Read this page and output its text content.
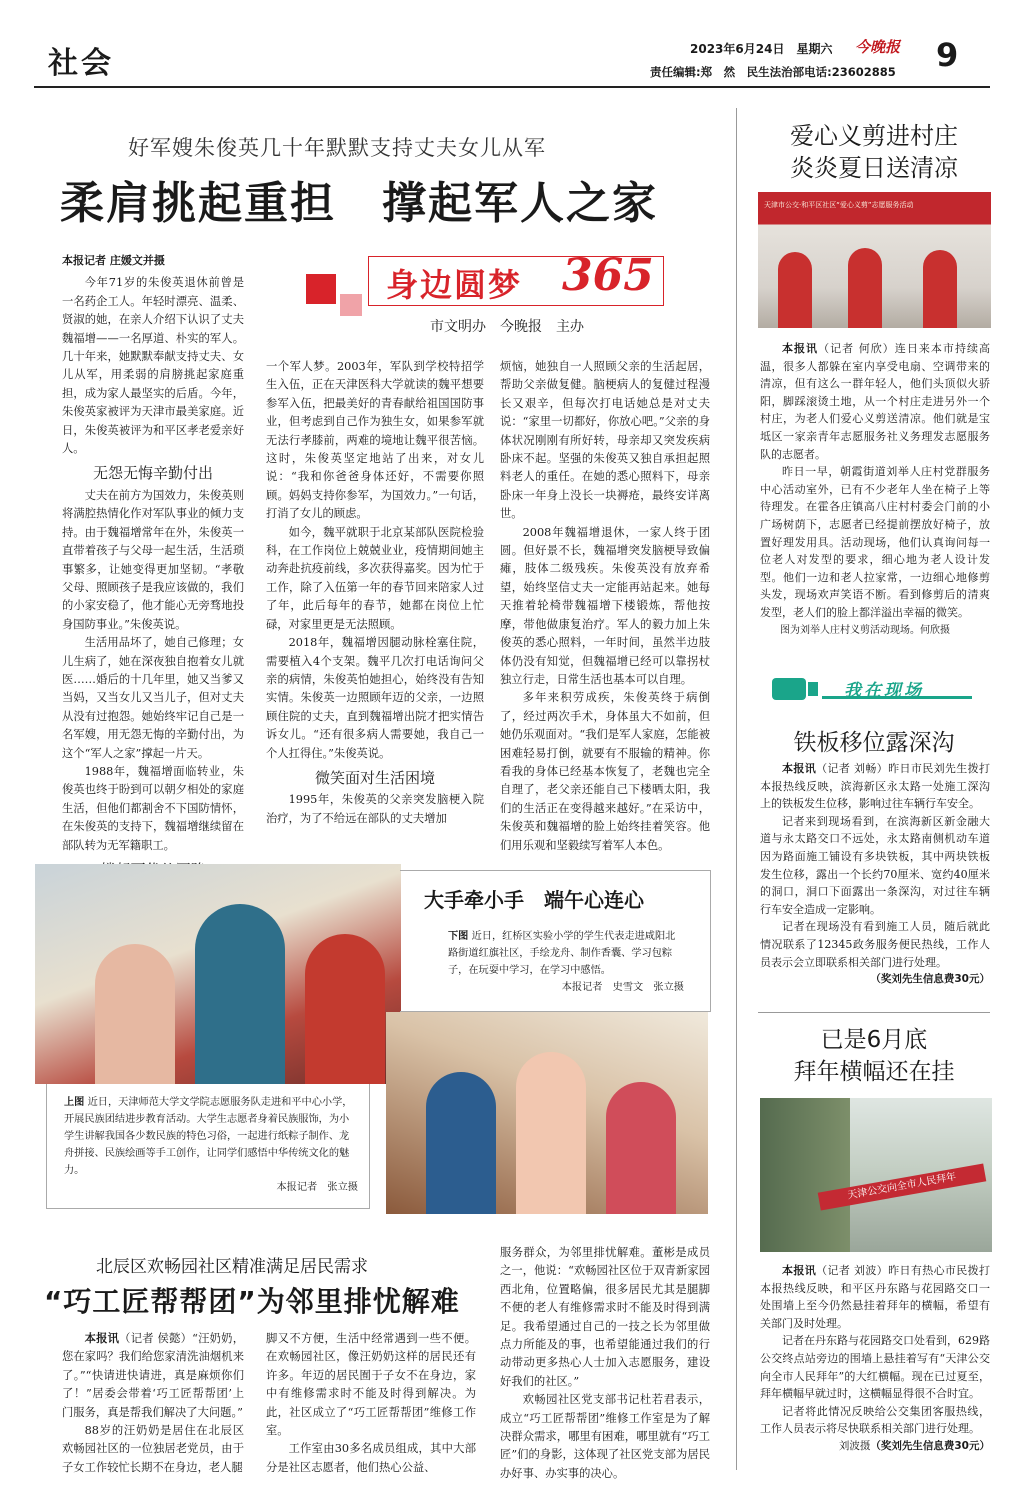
社会	2023年6月24日　星期六 今晚报 9
责任编辑:郑　然　民生法治部电话:23602885
好军嫂朱俊英几十年默默支持丈夫女儿从军
柔肩挑起重担　撑起军人之家
身边圆梦 365
市文明办　今晚报　主办
本报记者 庄媛文并摄

今年71岁的朱俊英退休前曾是一名药企工人。年轻时漂亮、温柔、贤淑的她，在亲人介绍下认识了丈夫魏福增——一名厚道、朴实的军人。几十年来，她默默奉献支持丈夫、女儿从军，用柔弱的肩膀挑起家庭重担，成为家人最坚实的后盾。今年，朱俊英家被评为天津市最美家庭。近日，朱俊英被评为和平区孝老爱亲好人。

无怨无悔辛勤付出

丈夫在前方为国效力，朱俊英则将满腔热情化作对军队事业的倾力支持。由于魏福增常年在外，朱俊英一直带着孩子与父母一起生活，生活琐事繁多，让她变得更加坚韧。“孝敬父母、照顾孩子是我应该做的，我们的小家安稳了，他才能心无旁骛地投身国防事业。”朱俊英说。

生活用品坏了，她自己修理；女儿生病了，她在深夜独自抱着女儿就医……婚后的十几年里，她又当爹又当妈，又当女儿又当儿子，但对丈夫从没有过抱怨。她始终牢记自己是一名军嫂，用无怨无悔的辛勤付出，为这个“军人之家”撑起一片天。

1988年，魏福增面临转业，朱俊英也终于盼到可以朝夕相处的家庭生活，但他们都割舍不下国防情怀，在朱俊英的支持下，魏福增继续留在部队转为无军籍职工。

一个军人梦。2003年，军队到学校特招学生入伍，正在天津医科大学就读的魏平想要参军入伍，把最美好的青春献给祖国国防事业，但考虑到自己作为独生女，如果参军就无法行孝膝前，两难的境地让魏平很苦恼。这时，朱俊英坚定地站了出来，对女儿说：“我和你爸爸身体还好，不需要你照顾。妈妈支持你参军，为国效力。”一句话，打消了女儿的顾虑。

如今，魏平就职于北京某部队医院检验科，在工作岗位上兢兢业业，疫情期间她主动奔赴抗疫前线，多次获得嘉奖。因为忙于工作，除了入伍第一年的春节回来陪家人过了年，此后每年的春节，她都在岗位上忙碌，对家里更是无法照顾。

2018年，魏福增因腿动脉栓塞住院，需要植入4个支架。魏平几次打电话询问父亲的病情，朱俊英怕她担心，始终没有告知实情。朱俊英一边照顾年迈的父亲，一边照顾住院的丈夫，直到魏福增出院才把实情告诉女儿。“还有很多病人需要她，我自己一个人扛得住。”朱俊英说。

微笑面对生活困境

1995年，朱俊英的父亲突发脑梗入院治疗，为了不给远在部队的丈夫增加

烦恼，她独自一人照顾父亲的生活起居，帮助父亲做复健。脑梗病人的复健过程漫长又艰辛，但每次打电话她总是对丈夫说：“家里一切都好，你放心吧。”父亲的身体状况刚刚有所好转，母亲却又突发疾病卧床不起。坚强的朱俊英又独自承担起照料老人的重任。在她的悉心照料下，母亲卧床一年身上没长一块褥疮，最终安详离世。

2008年魏福增退休，一家人终于团圆。但好景不长，魏福增突发脑梗导致偏瘫，肢体二级残疾。朱俊英没有放弃希望，始终坚信丈夫一定能再站起来。她每天推着轮椅带魏福增下楼锻炼，帮他按摩，带他做康复治疗。军人的毅力加上朱俊英的悉心照料，一年时间，虽然半边肢体仍没有知觉，但魏福增已经可以靠拐杖独立行走，日常生活也基本可以自理。

多年来积劳成疾，朱俊英终于病倒了，经过两次手术，身体虽大不如前，但她仍乐观面对。“我们是军人家庭，怎能被困难轻易打倒，就要有不服输的精神。你看我的身体已经基本恢复了，老魏也完全自理了，老父亲还能自己下楼晒太阳，我们的生活正在变得越来越好。”在采访中，朱俊英和魏福增的脸上始终挂着笑容。他们用乐观和坚毅续写着军人本色。

大手牵小手　端午心连心
下图 近日，红桥区实验小学的学生代表走进咸阳北路街道红旗社区，手绘龙舟、制作香囊、学习包粽子，在玩耍中学习，在学习中感悟。
本报记者　史雪文　张立摄
上图 近日，天津师范大学文学院志愿服务队走进和平中心小学，开展民族团结进步教育活动。大学生志愿者身着民族服饰，为小学生讲解我国各少数民族的特色习俗，一起进行纸粽子制作、龙舟拼接、民族绘画等手工创作，让同学们感悟中华传统文化的魅力。
本报记者　张立摄
北辰区欢畅园社区精准满足居民需求
“巧工匠帮帮团”为邻里排忧解难

本报讯（记者 侯懿）“汪奶奶，您在家吗？我们给您家清洗油烟机来了。”“快请进快请进，真是麻烦你们了！”居委会带着‘巧工匠帮帮团’上门服务，真是帮我们解决了大问题。”

88岁的汪奶奶是居住在北辰区欢畅园社区的一位独居老党员，由于子女工作较忙长期不在身边，老人腿

脚又不方便，生活中经常遇到一些不便。在欢畅园社区，像汪奶奶这样的居民还有许多。年迈的居民囿于子女不在身边，家中有维修需求时不能及时得到解决。为此，社区成立了“巧工匠帮帮团”维修工作室。

工作室由30多名成员组成，其中大部分是社区志愿者，他们热心公益、

服务群众，为邻里排忧解难。董彬是成员之一，他说：“欢畅园社区位于双青新家园西北角，位置略偏，很多居民尤其是腿脚不便的老人有维修需求时不能及时得到满足。我希望通过自己的一技之长为邻里做点力所能及的事，也希望能通过我们的行动带动更多热心人士加入志愿服务，建设好我们的社区。”

欢畅园社区党支部书记杜若君表示，成立“巧工匠帮帮团”维修工作室是为了解决群众需求，哪里有困难，哪里就有“巧工匠”们的身影，这体现了社区党支部为居民办好事、办实事的决心。

爱心义剪进村庄
炎炎夏日送清凉
天津市公交·和平区社区“爱心义剪”志愿服务活动

本报讯（记者 何欣）连日来本市持续高温，很多人都躲在室内享受电扇、空调带来的清凉，但有这么一群年轻人，他们头顶似火骄阳，脚踩滚烫土地，从一个村庄走进另外一个村庄，为老人们爱心义剪送清凉。他们就是宝坻区一家亲青年志愿服务社义务理发志愿服务队的志愿者。

昨日一早，朝霞街道刘举人庄村党群服务中心活动室外，已有不少老年人坐在椅子上等待理发。在霍各庄镇高八庄村村委会门前的小广场树荫下，志愿者已经提前摆放好椅子，放置好理发用具。活动现场，他们认真询问每一位老人对发型的要求，细心地为老人设计发型。他们一边和老人拉家常，一边细心地修剪头发，现场欢声笑语不断。看到修剪后的清爽发型，老人们的脸上都洋溢出幸福的微笑。

图为刘举人庄村义剪活动现场。何欣摄

我在现场
铁板移位露深沟

本报讯（记者 刘畅）昨日市民刘先生拨打本报热线反映，滨海新区永太路一处施工深沟上的铁板发生位移，影响过往车辆行车安全。

记者来到现场看到，在滨海新区新金融大道与永太路交口不远处，永太路南侧机动车道因为路面施工铺设有多块铁板，其中两块铁板发生位移，露出一个长约70厘米、宽约40厘米的洞口，洞口下面露出一条深沟，对过往车辆行车安全造成一定影响。

记者在现场没有看到施工人员，随后就此情况联系了12345政务服务便民热线，工作人员表示会立即联系相关部门进行处理。

（奖刘先生信息费30元）
已是6月底
拜年横幅还在挂
天津公交向全市人民拜年

本报讯（记者 刘波）昨日有热心市民拨打本报热线反映，和平区丹东路与花园路交口一处围墙上至今仍然悬挂着拜年的横幅，希望有关部门及时处理。

记者在丹东路与花园路交口处看到，629路公交终点站旁边的围墙上悬挂着写有“天津公交向全市人民拜年”的大红横幅。现在已过夏至，拜年横幅早就过时，这横幅显得很不合时宜。

记者将此情况反映给公交集团客服热线，工作人员表示将尽快联系相关部门进行处理。

刘波摄（奖刘先生信息费30元）
